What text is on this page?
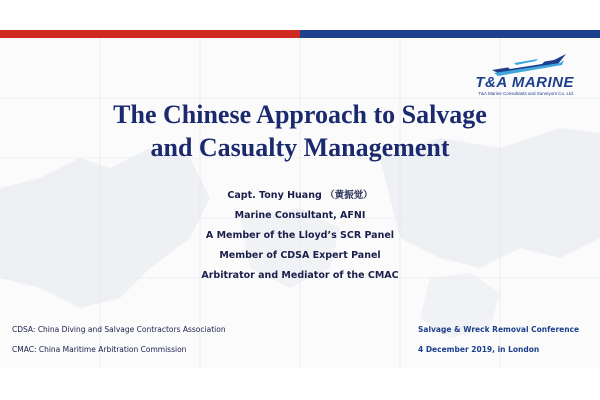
T&A MARINE
T&A Marine Consultants and Surveyors Co. Ltd.
The Chinese Approach to Salvage
and Casualty Management
Capt. Tony Huang （黄振觉）
Marine Consultant, AFNI
A Member of the Lloyd’s SCR Panel
Member of CDSA Expert Panel
Arbitrator and Mediator of the CMAC
CDSA: China Diving and Salvage Contractors Association
CMAC: China Maritime Arbitration Commission
Salvage & Wreck Removal Conference
4 December 2019, in London
